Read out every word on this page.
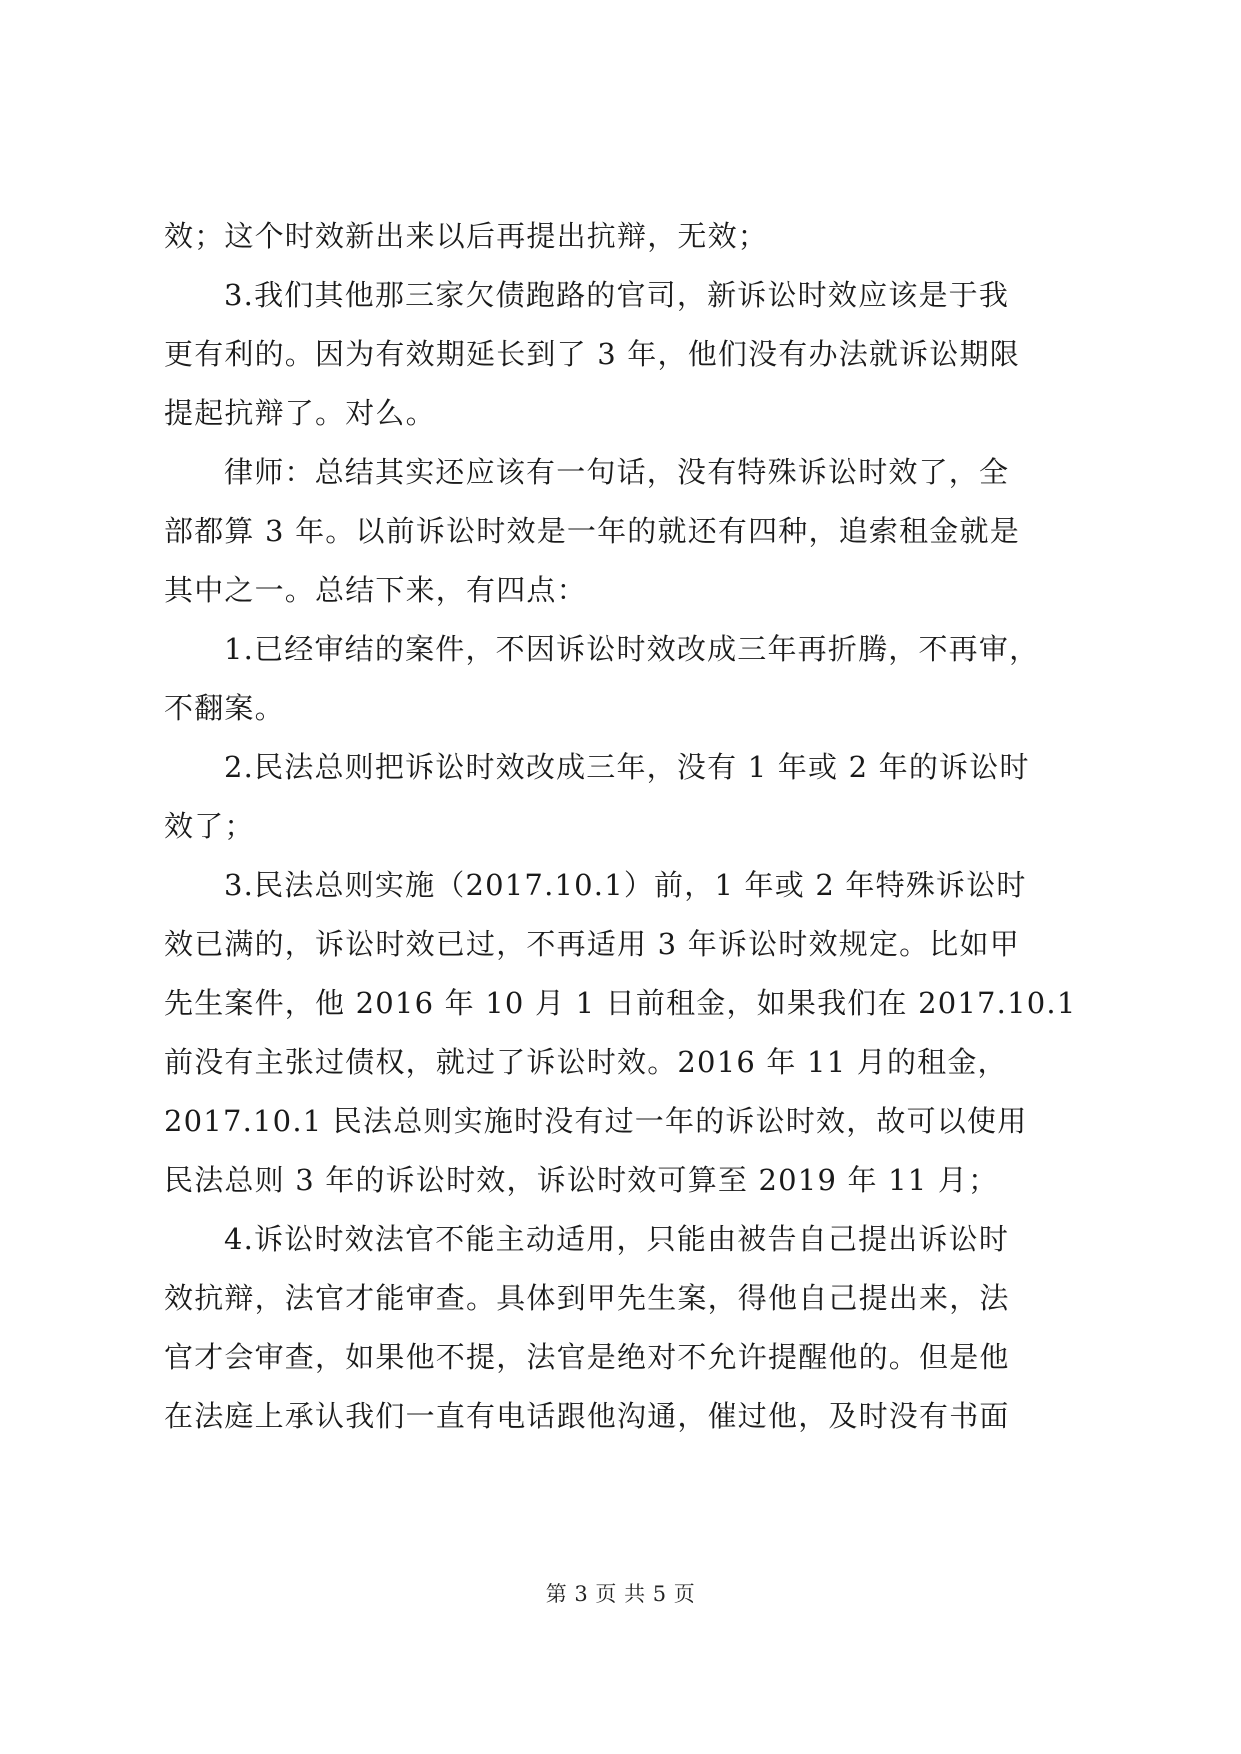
效；这个时效新出来以后再提出抗辩，无效；
3.我们其他那三家欠债跑路的官司，新诉讼时效应该是于我
更有利的。因为有效期延长到了 3 年，他们没有办法就诉讼期限
提起抗辩了。对么。
律师：总结其实还应该有一句话，没有特殊诉讼时效了，全
部都算 3 年。以前诉讼时效是一年的就还有四种，追索租金就是
其中之一。总结下来，有四点：
1.已经审结的案件，不因诉讼时效改成三年再折腾，不再审，
不翻案。
2.民法总则把诉讼时效改成三年，没有 1 年或 2 年的诉讼时
效了；
3.民法总则实施（2017.10.1）前，1 年或 2 年特殊诉讼时
效已满的，诉讼时效已过，不再适用 3 年诉讼时效规定。比如甲
先生案件，他 2016 年 10 月 1 日前租金，如果我们在 2017.10.1
前没有主张过债权，就过了诉讼时效。2016 年 11 月的租金，
2017.10.1 民法总则实施时没有过一年的诉讼时效，故可以使用
民法总则 3 年的诉讼时效，诉讼时效可算至 2019 年 11 月；
4.诉讼时效法官不能主动适用，只能由被告自己提出诉讼时
效抗辩，法官才能审查。具体到甲先生案，得他自己提出来，法
官才会审查，如果他不提，法官是绝对不允许提醒他的。但是他
在法庭上承认我们一直有电话跟他沟通，催过他，及时没有书面
第 3 页 共 5 页
